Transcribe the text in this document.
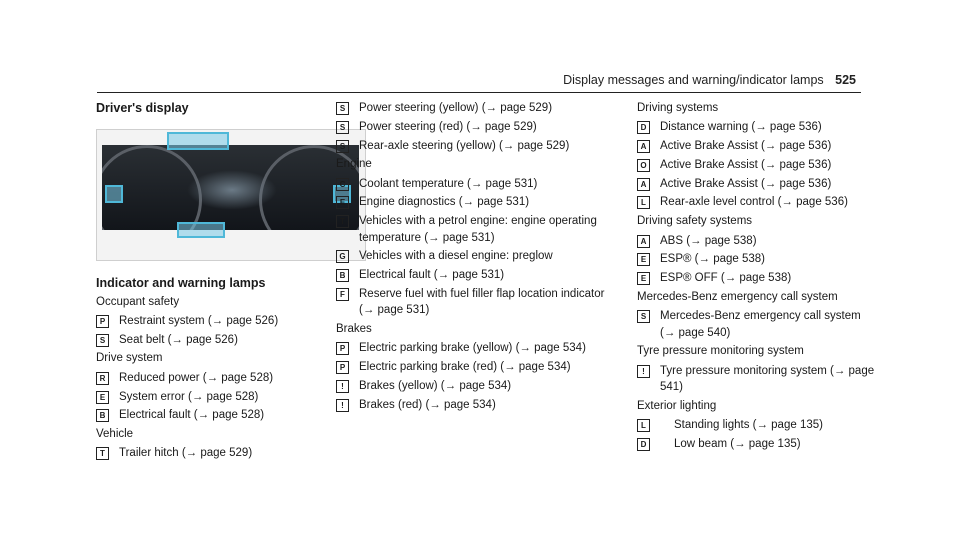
Display messages and warning/indicator lamps 525
Driver's display
Indicator and warning lamps
Occupant safety
P	Restraint system (→ page 526)
S	Seat belt (→ page 526)
Drive system
R	Reduced power (→ page 528)
E	System error (→ page 528)
B	Electrical fault (→ page 528)
Vehicle
T	Trailer hitch (→ page 529)
S	Power steering (yellow) (→ page 529)
S	Power steering (red) (→ page 529)
S	Rear-axle steering (yellow) (→ page 529)
Engine
C	Coolant temperature (→ page 531)
E	Engine diagnostics (→ page 531)
T	Vehicles with a petrol engine: engine operating temperature (→ page 531)
G Vehicles with a diesel engine: preglow
B	Electrical fault (→ page 531)
F	Reserve fuel with fuel filler flap location indicator (→ page 531)
Brakes
P	Electric parking brake (yellow) (→ page 534)
P	Electric parking brake (red) (→ page 534)
!	Brakes (yellow) (→ page 534)
!	Brakes (red) (→ page 534)
Driving systems
D	Distance warning (→ page 536)
A	Active Brake Assist (→ page 536)
O Active Brake Assist (→ page 536)
A	Active Brake Assist (→ page 536)
L	Rear-axle level control (→ page 536)
Driving safety systems
A	ABS (→ page 538)
E	ESP® (→ page 538)
E	ESP® OFF (→ page 538)
Mercedes-Benz emergency call system
S	Mercedes-Benz emergency call system (→ page 540)
Tyre pressure monitoring system
!	Tyre pressure monitoring system (→ page 541)
Exterior lighting
L	Standing lights (→ page 135)
D	Low beam (→ page 135)
